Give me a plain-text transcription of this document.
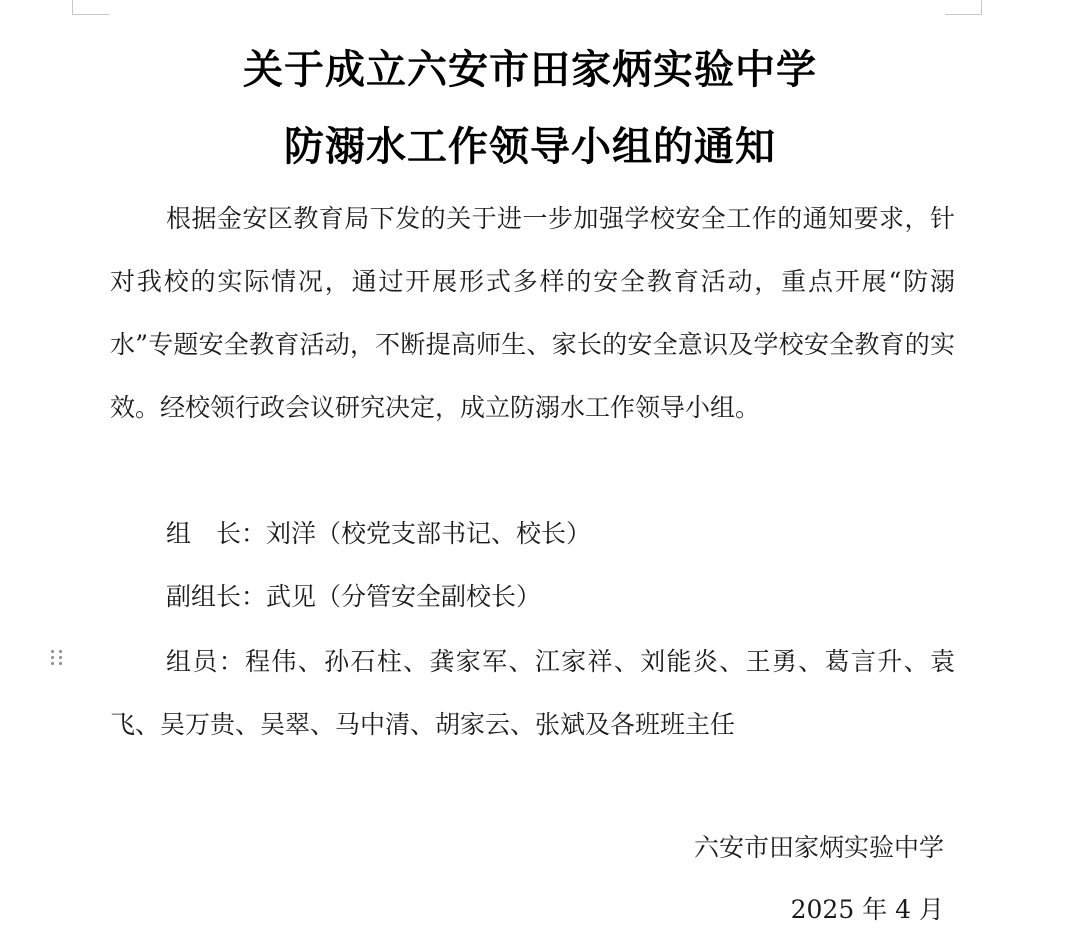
关于成立六安市田家炳实验中学
防溺水工作领导小组的通知

根据金安区教育局下发的关于进一步加强学校安全工作的通知要求，针对我校的实际情况，通过开展形式多样的安全教育活动，重点开展“防溺水”专题安全教育活动，不断提高师生、家长的安全意识及学校安全教育的实效。经校领行政会议研究决定，成立防溺水工作领导小组。

组　长：刘洋（校党支部书记、校长）

副组长：武见（分管安全副校长）

组员：程伟、孙石柱、龚家军、江家祥、刘能炎、王勇、葛言升、袁飞、吴万贵、吴翠、马中清、胡家云、张斌及各班班主任

六安市田家炳实验中学
2025 年 4 月
